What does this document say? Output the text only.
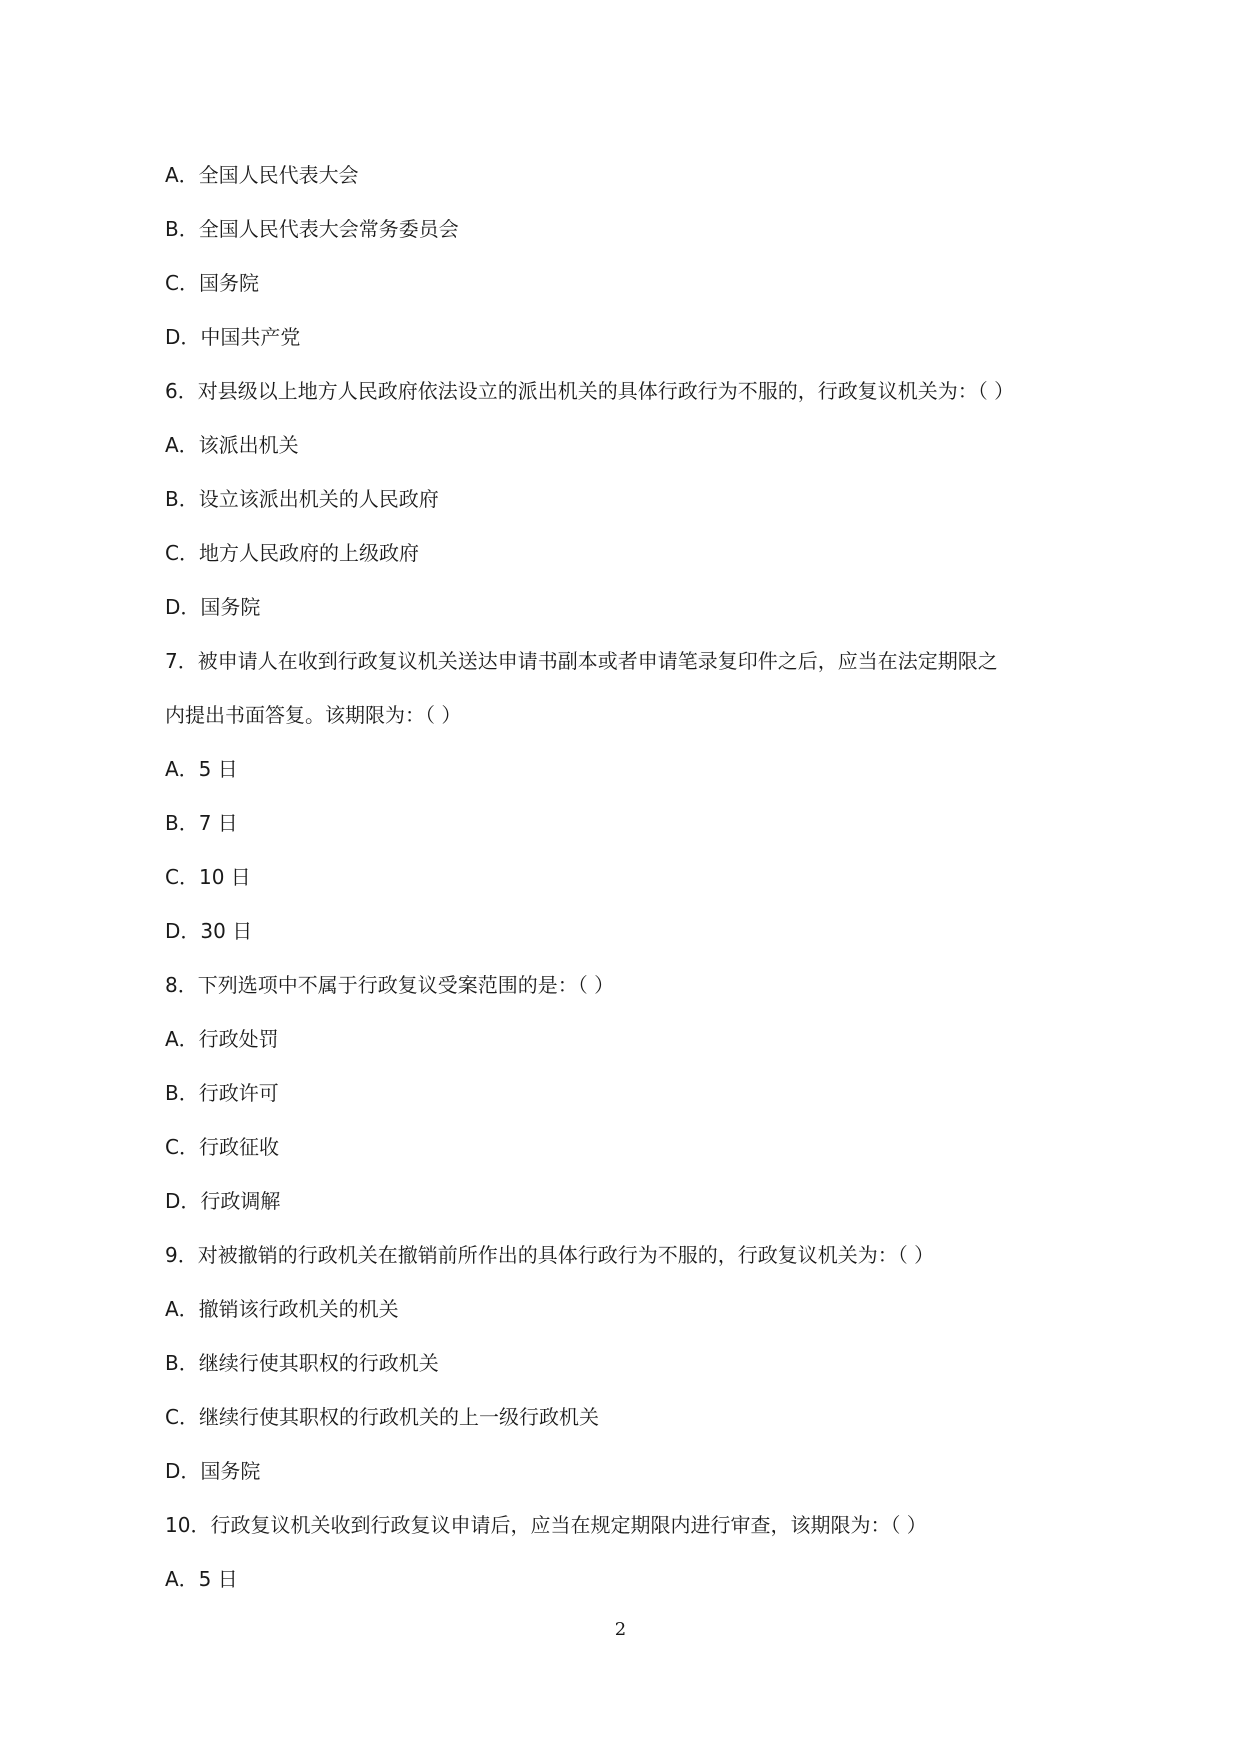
A．全国人民代表大会
B．全国人民代表大会常务委员会
C．国务院
D．中国共产党
6．对县级以上地方人民政府依法设立的派出机关的具体行政行为不服的，行政复议机关为：（ ）
A．该派出机关
B．设立该派出机关的人民政府
C．地方人民政府的上级政府
D．国务院
7．被申请人在收到行政复议机关送达申请书副本或者申请笔录复印件之后，应当在法定期限之
内提出书面答复。该期限为：（ ）
A．5 日
B．7 日
C．10 日
D．30 日
8．下列选项中不属于行政复议受案范围的是：（ ）
A．行政处罚
B．行政许可
C．行政征收
D．行政调解
9．对被撤销的行政机关在撤销前所作出的具体行政行为不服的，行政复议机关为：（ ）
A．撤销该行政机关的机关
B．继续行使其职权的行政机关
C．继续行使其职权的行政机关的上一级行政机关
D．国务院
10．行政复议机关收到行政复议申请后，应当在规定期限内进行审查，该期限为：（ ）
A．5 日
2
